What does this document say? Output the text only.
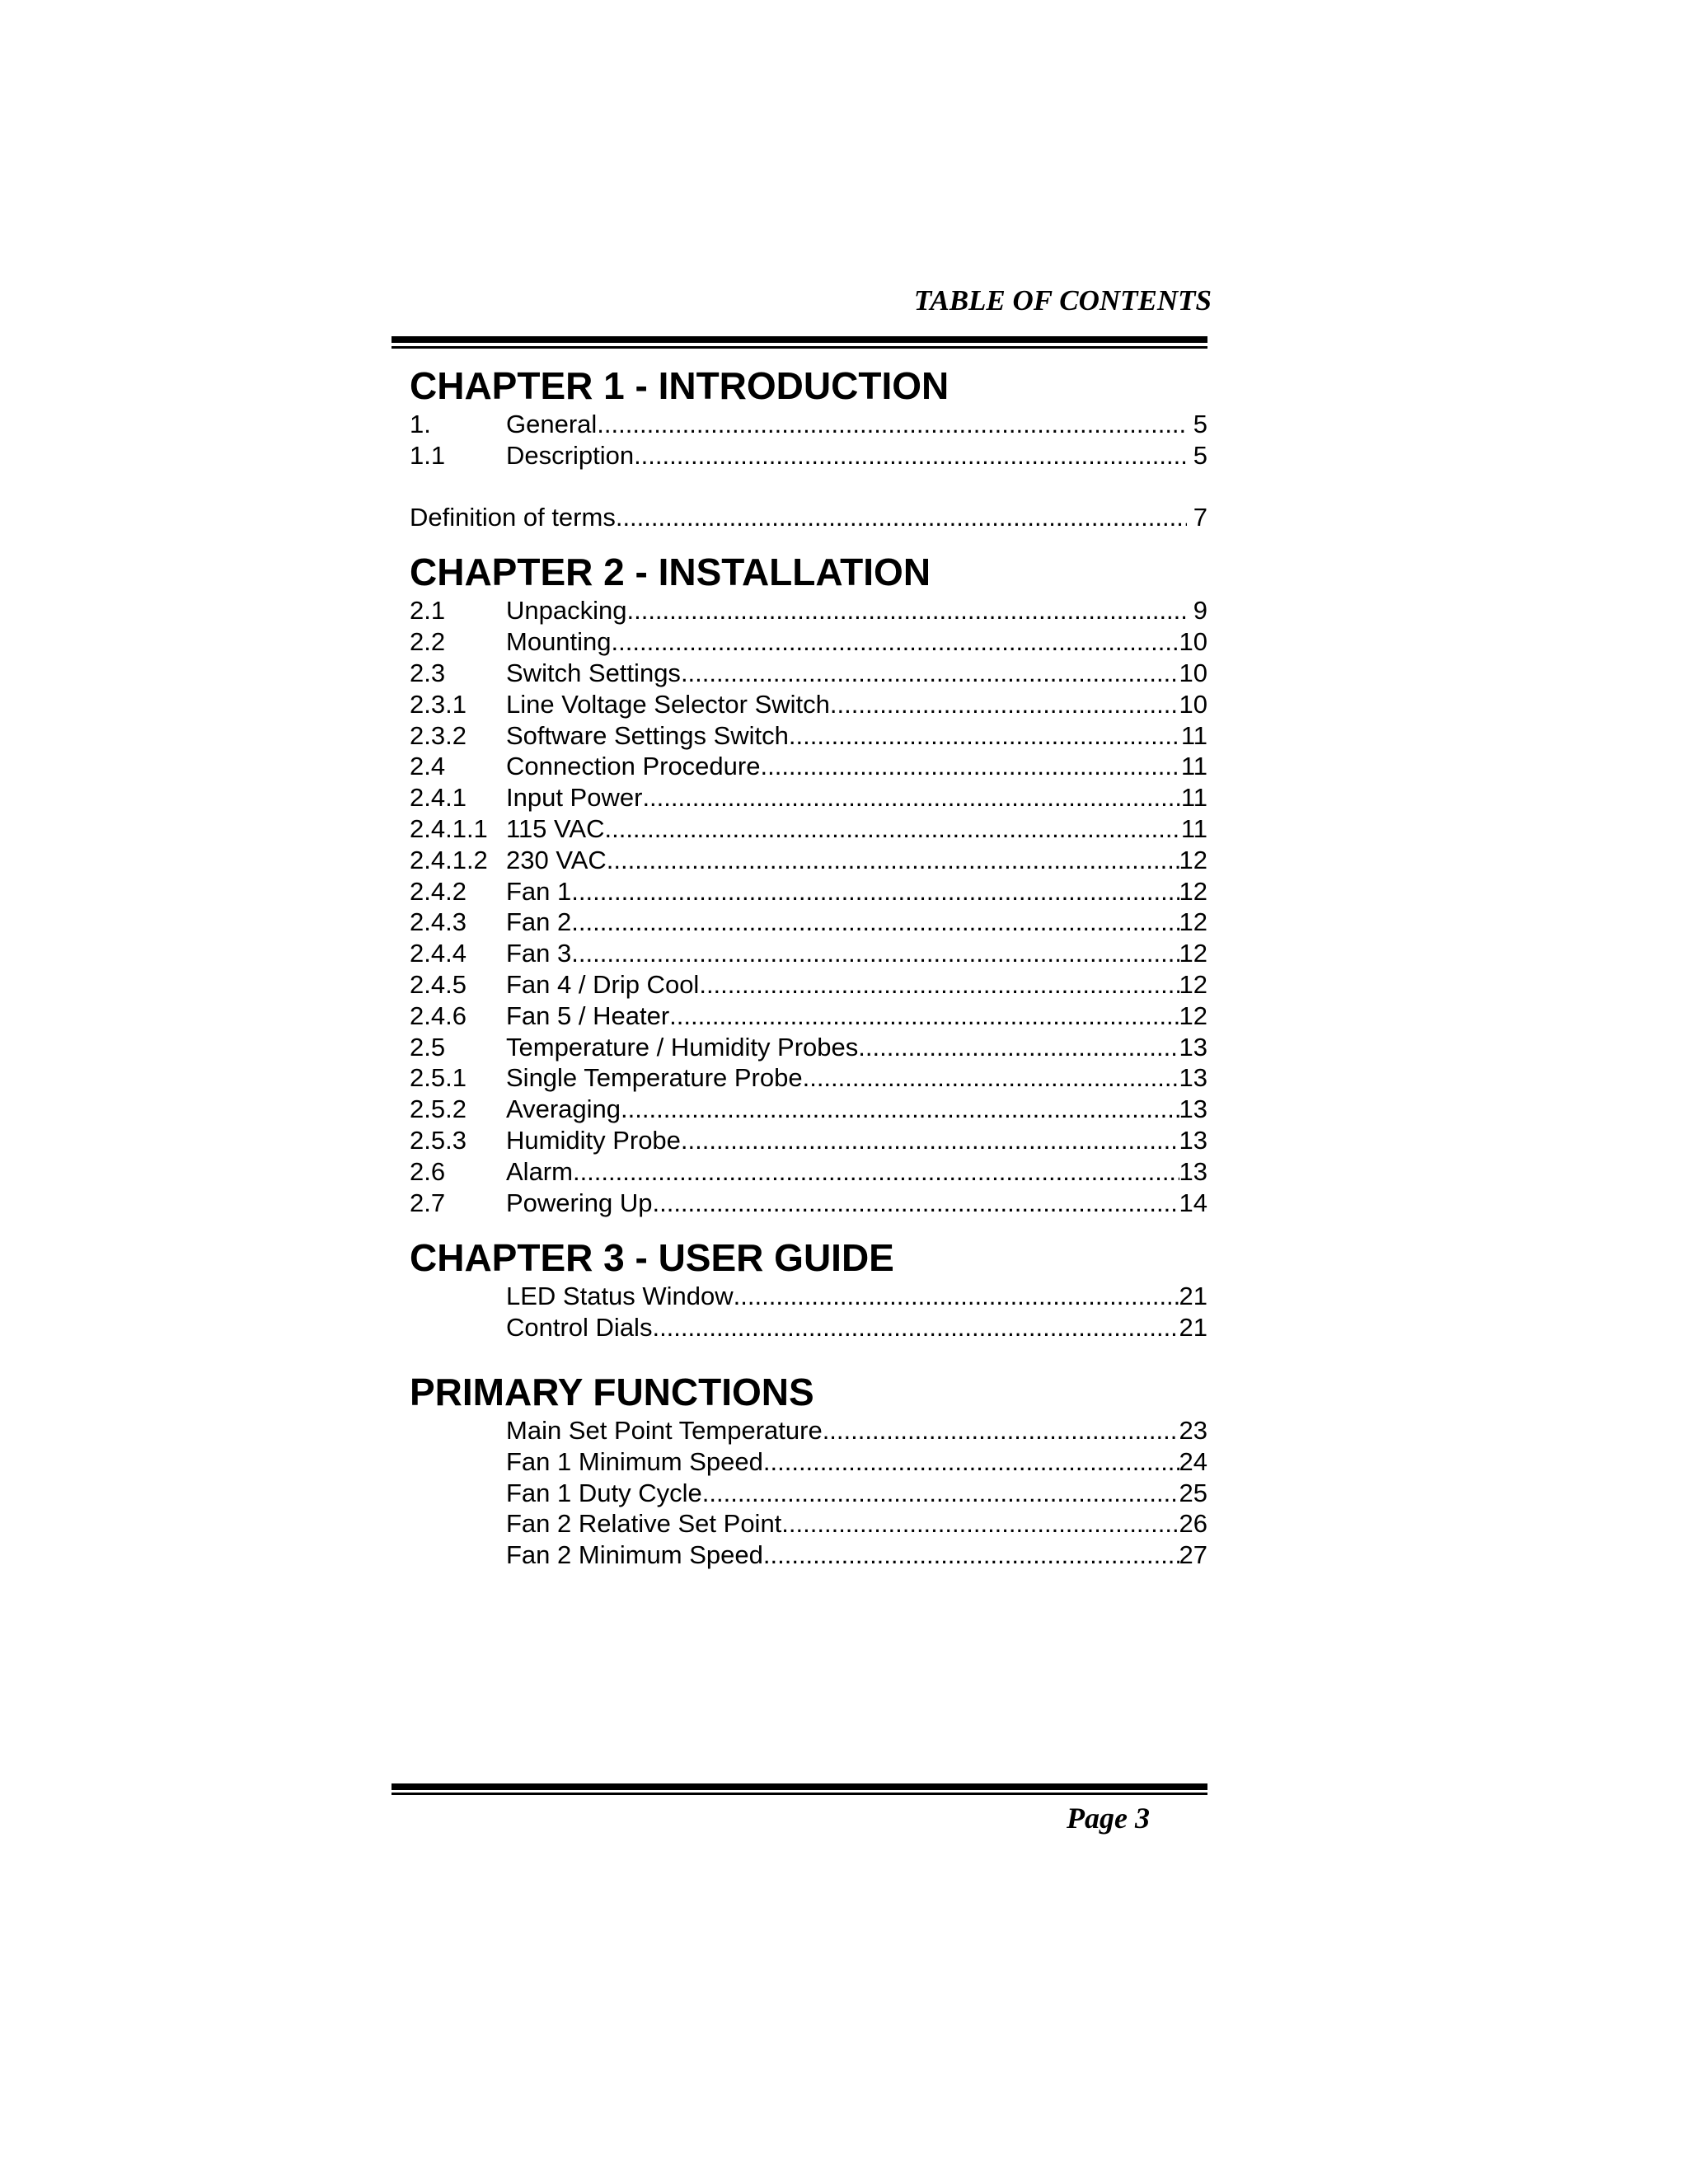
TABLE OF CONTENTS
CHAPTER 1 - INTRODUCTION
1.	General .....	5
1.1	Description .....	5
Definition of terms .....	7
CHAPTER 2 - INSTALLATION
2.1	Unpacking .....	9
2.2	Mounting .....	10
2.3	Switch Settings .....	10
2.3.1	Line Voltage Selector Switch .....	10
2.3.2	Software Settings Switch .....	11
2.4	Connection Procedure .....	11
2.4.1	Input Power .....	11
2.4.1.1 115 VAC .....	11
2.4.1.2 230 VAC .....	12
2.4.2	Fan 1 .....	12
2.4.3	Fan 2 .....	12
2.4.4	Fan 3 .....	12
2.4.5	Fan 4 / Drip Cool .....	12
2.4.6	Fan 5 / Heater .....	12
2.5	Temperature / Humidity Probes .....	13
2.5.1	Single Temperature Probe .....	13
2.5.2	Averaging .....	13
2.5.3	Humidity Probe .....	13
2.6	Alarm .....	13
2.7	Powering Up .....	14
CHAPTER 3 - USER GUIDE
LED Status Window .....	21
Control Dials .....	21
PRIMARY FUNCTIONS
Main Set Point Temperature .....	23
Fan 1 Minimum Speed .....	24
Fan 1 Duty Cycle .....	25
Fan 2 Relative Set Point .....	26
Fan 2 Minimum Speed .....	27
Page 3
